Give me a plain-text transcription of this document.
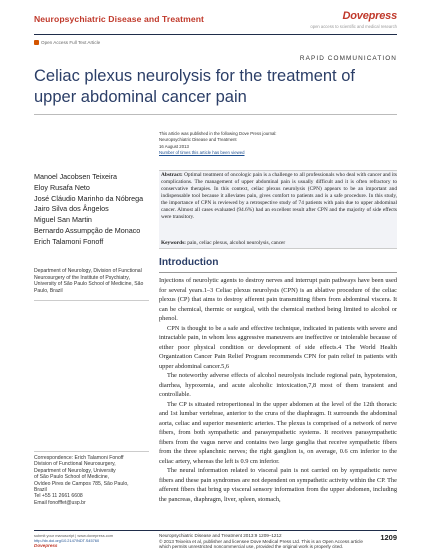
Neuropsychiatric Disease and Treatment	Dovepress
open access to scientific and medical research
Open Access Full Text Article
RAPID COMMUNICATION
Celiac plexus neurolysis for the treatment of upper abdominal cancer pain
This article was published in the following Dove Press journal:
Neuropsychiatric Disease and Treatment
16 August 2013
Number of times this article has been viewed
Manoel Jacobsen Teixeira
Eloy Rusafa Neto
José Cláudio Marinho da Nóbrega
Jairo Silva dos Ângelos
Miguel San Martin
Bernardo Assumpção de Monaco
Erich Talamoni Fonoff
Department of Neurology, Division of Functional Neurosurgery of the Institute of Psychiatry, University of São Paulo School of Medicine, São Paulo, Brazil
Correspondence: Erich Talamoni Fonoff
Division of Functional Neurosurgery,
Department of Neurology, University
of São Paulo School of Medicine,
Ovídeo Pires de Campos 785, São Paulo,
Brazil
Tel +55 11 2661 6608
Email fonofffet@usp.br
Abstract: Optimal treatment of oncologic pain is a challenge to all professionals who deal with cancer and its complications. The management of upper abdominal pain is usually difficult and it is often refractory to conservative therapies. In this context, celiac plexus neurolysis (CPN) appears to be an important and indispensable tool because it alleviates pain, gives comfort to patients and is a safe procedure. In this study, the importance of CPN is reviewed by a retrospective study of 74 patients with pain due to upper abdominal cancer. Almost all cases evaluated (94.6%) had an excellent result after CPN and the majority of side effects were transitory.
Keywords: pain, celiac plexus, alcohol neurolysis, cancer
Introduction

Injections of neurolytic agents to destroy nerves and interrupt pain pathways have been used for several years.1–3 Celiac plexus neurolysis (CPN) is an ablative procedure of the celiac plexus (CP) that aims to destroy afferent pain transmitting fibers from abdominal viscera. It can be chemical, thermic or surgical, with the chemical method being limited to alcohol or phenol.

CPN is thought to be a safe and effective technique, indicated in patients with severe and intractable pain, in whom less aggressive maneuvers are ineffective or intolerable because of either poor physical condition or development of side effects.4 The World Health Organization Cancer Pain Relief Program recommends CPN for pain relief in patients with upper abdominal cancer.5,6

The noteworthy adverse effects of alcohol neurolysis include regional pain, hypotension, diarrhea, hypoxemia, and acute alcoholic intoxication,7,8 most of them transient and controllable.

The CP is situated retroperitoneal in the upper abdomen at the level of the 12th thoracic and 1st lumbar vertebrae, anterior to the crura of the diaphragm. It surrounds the abdominal aorta, celiac and superior mesenteric arteries. The plexus is comprised of a network of nerve fibers, from both sympathetic and parasympathetic systems. It receives parasympathetic fibers from the vagus nerve and contains two large ganglia that receive sympathetic fibers from the three splanchnic nerves; the right ganglion is, on average, 0.6 cm inferior to the celiac artery, whereas the left is 0.9 cm inferior.

The neural information related to visceral pain is not carried on by sympathetic nerve fibers and these pain syndromes are not dependent on sympathetic activity within the CP. The afferent fibers that bring up visceral sensory information from the upper abdomen, including the pancreas, diaphragm, liver, spleen, stomach,

submit your manuscript | www.dovepress.com
http://dx.doi.org/10.2147/NDT.S45760
Dovepress
Neuropsychiatric Disease and Treatment 2013:9 1209–1212
© 2013 Teixeira et al, publisher and licensee Dove Medical Press Ltd. This is an Open Access article which permits unrestricted noncommercial use, provided the original work is properly cited.
1209
